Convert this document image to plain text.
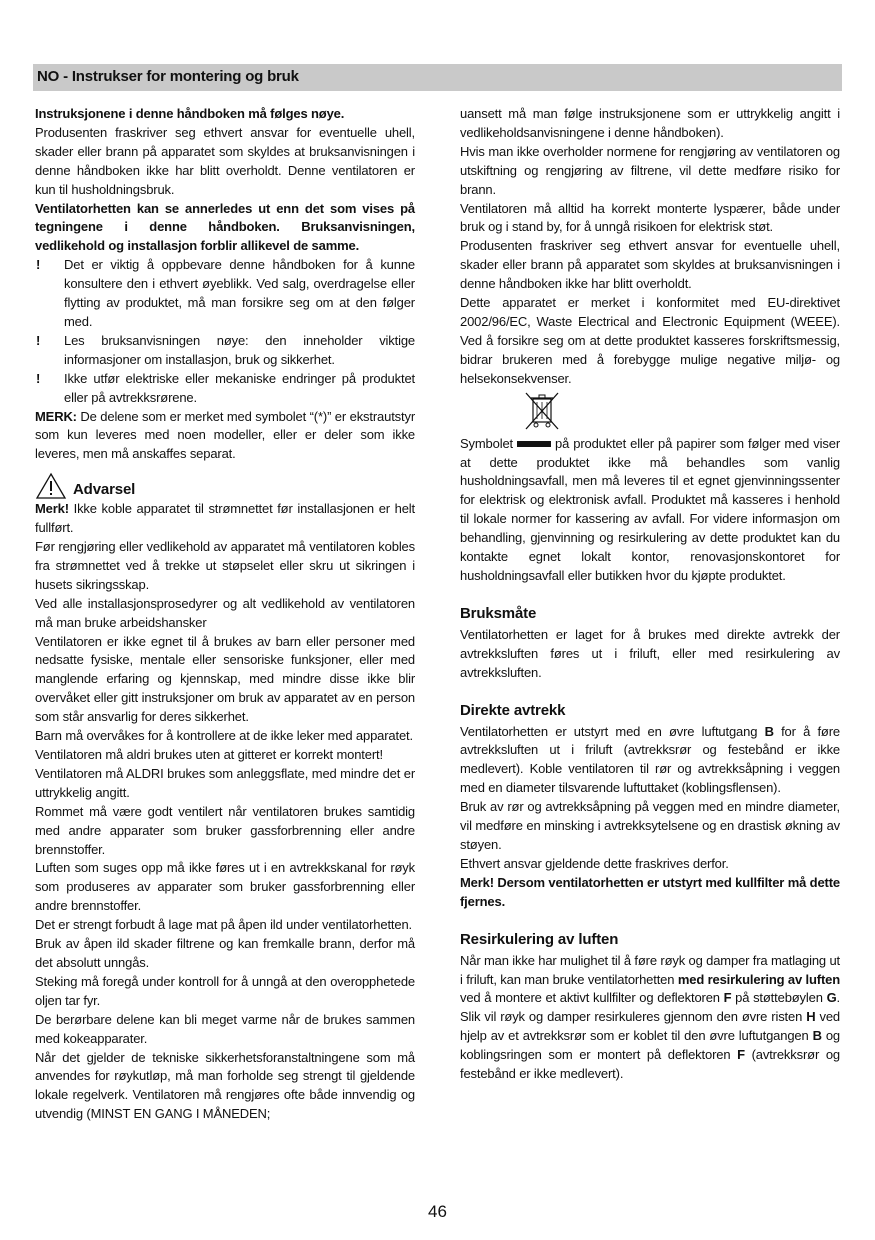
NO - Instrukser for montering og bruk

Instruksjonene i denne håndboken må følges nøye.

Produsenten fraskriver seg ethvert ansvar for eventuelle uhell, skader eller brann på apparatet som skyldes at bruksanvisningen i denne håndboken ikke har blitt overholdt. Denne ventilatoren er kun til husholdningsbruk.

Ventilatorhetten kan se annerledes ut enn det som vises på tegningene i denne håndboken. Bruksanvisningen, vedlikehold og installasjon forblir allikevel de samme.

! Det er viktig å oppbevare denne håndboken for å kunne konsultere den i ethvert øyeblikk. Ved salg, overdragelse eller flytting av produktet, må man forsikre seg om at den følger med.
! Les bruksanvisningen nøye: den inneholder viktige informasjoner om installasjon, bruk og sikkerhet.
! Ikke utfør elektriske eller mekaniske endringer på produktet eller på avtrekksrørene.

MERK: De delene som er merket med symbolet “(*)” er ekstrautstyr som kun leveres med noen modeller, eller er deler som ikke leveres, men må anskaffes separat.

Advarsel

Merk! Ikke koble apparatet til strømnettet før installasjonen er helt fullført.

Før rengjøring eller vedlikehold av apparatet må ventilatoren kobles fra strømnettet ved å trekke ut støpselet eller skru ut sikringen i husets sikringsskap.

Ved alle installasjonsprosedyrer og alt vedlikehold av ventilatoren må man bruke arbeidshansker

Ventilatoren er ikke egnet til å brukes av barn eller personer med nedsatte fysiske, mentale eller sensoriske funksjoner, eller med manglende erfaring og kjennskap, med mindre disse ikke blir overvåket eller gitt instruksjoner om bruk av apparatet av en person som står ansvarlig for deres sikkerhet.

Barn må overvåkes for å kontrollere at de ikke leker med apparatet.

Ventilatoren må aldri brukes uten at gitteret er korrekt montert!

Ventilatoren må ALDRI brukes som anleggsflate, med mindre det er uttrykkelig angitt.

Rommet må være godt ventilert når ventilatoren brukes samtidig med andre apparater som bruker gassforbrenning eller andre brennstoffer.

Luften som suges opp må ikke føres ut i en avtrekkskanal for røyk som produseres av apparater som bruker gassforbrenning eller andre brennstoffer.

Det er strengt forbudt å lage mat på åpen ild under ventilatorhetten.

Bruk av åpen ild skader filtrene og kan fremkalle brann, derfor må det absolutt unngås.

Steking må foregå under kontroll for å unngå at den overopphetede oljen tar fyr.

De berørbare delene kan bli meget varme når de brukes sammen med kokeapparater.

Når det gjelder de tekniske sikkerhetsforanstaltningene som må anvendes for røykutløp, må man forholde seg strengt til gjeldende lokale regelverk. Ventilatoren må rengjøres ofte både innvendig og utvendig (MINST EN GANG I MÅNEDEN;

uansett må man følge instruksjonene som er uttrykkelig angitt i vedlikeholdsanvisningene i denne håndboken).

Hvis man ikke overholder normene for rengjøring av ventilatoren og utskiftning og rengjøring av filtrene, vil dette medføre risiko for brann.

Ventilatoren må alltid ha korrekt monterte lyspærer, både under bruk og i stand by, for å unngå risikoen for elektrisk støt.

Produsenten fraskriver seg ethvert ansvar for eventuelle uhell, skader eller brann på apparatet som skyldes at bruksanvisningen i denne håndboken ikke har blitt overholdt.

Dette apparatet er merket i konformitet med EU-direktivet 2002/96/EC, Waste Electrical and Electronic Equipment (WEEE). Ved å forsikre seg om at dette produktet kasseres forskriftsmessig, bidrar brukeren med å forebygge mulige negative miljø- og helsekonsekvenser.

Symbolet	på produktet eller på papirer som følger med viser at dette produktet ikke må behandles som vanlig husholdningsavfall, men må leveres til et egnet gjenvinningssenter for elektrisk og elektronisk avfall. Produktet må kasseres i henhold til lokale normer for kassering av avfall. For videre informasjon om behandling, gjenvinning og resirkulering av dette produktet kan du kontakte egnet lokalt kontor, renovasjonskontoret for husholdningsavfall eller butikken hvor du kjøpte produktet.

Bruksmåte

Ventilatorhetten er laget for å brukes med direkte avtrekk der avtrekksluften føres ut i friluft, eller med resirkulering av avtrekksluften.

Direkte avtrekk

Ventilatorhetten er utstyrt med en øvre luftutgang B for å føre avtrekksluften ut i friluft (avtrekksrør og festebånd er ikke medlevert). Koble ventilatoren til rør og avtrekksåpning i veggen med en diameter tilsvarende luftuttaket (koblingsflensen).

Bruk av rør og avtrekksåpning på veggen med en mindre diameter, vil medføre en minsking i avtrekksytelsene og en drastisk økning av støyen.

Ethvert ansvar gjeldende dette fraskrives derfor.

Merk! Dersom ventilatorhetten er utstyrt med kullfilter må dette fjernes.

Resirkulering av luften

Når man ikke har mulighet til å føre røyk og damper fra matlaging ut i friluft, kan man bruke ventilatorhetten med resirkulering av luften ved å montere et aktivt kullfilter og deflektoren F på støttebøylen G. Slik vil røyk og damper resirkuleres gjennom den øvre risten H ved hjelp av et avtrekksrør som er koblet til den øvre luftutgangen B og koblingsringen som er montert på deflektoren F (avtrekksrør og festebånd er ikke medlevert).

46
